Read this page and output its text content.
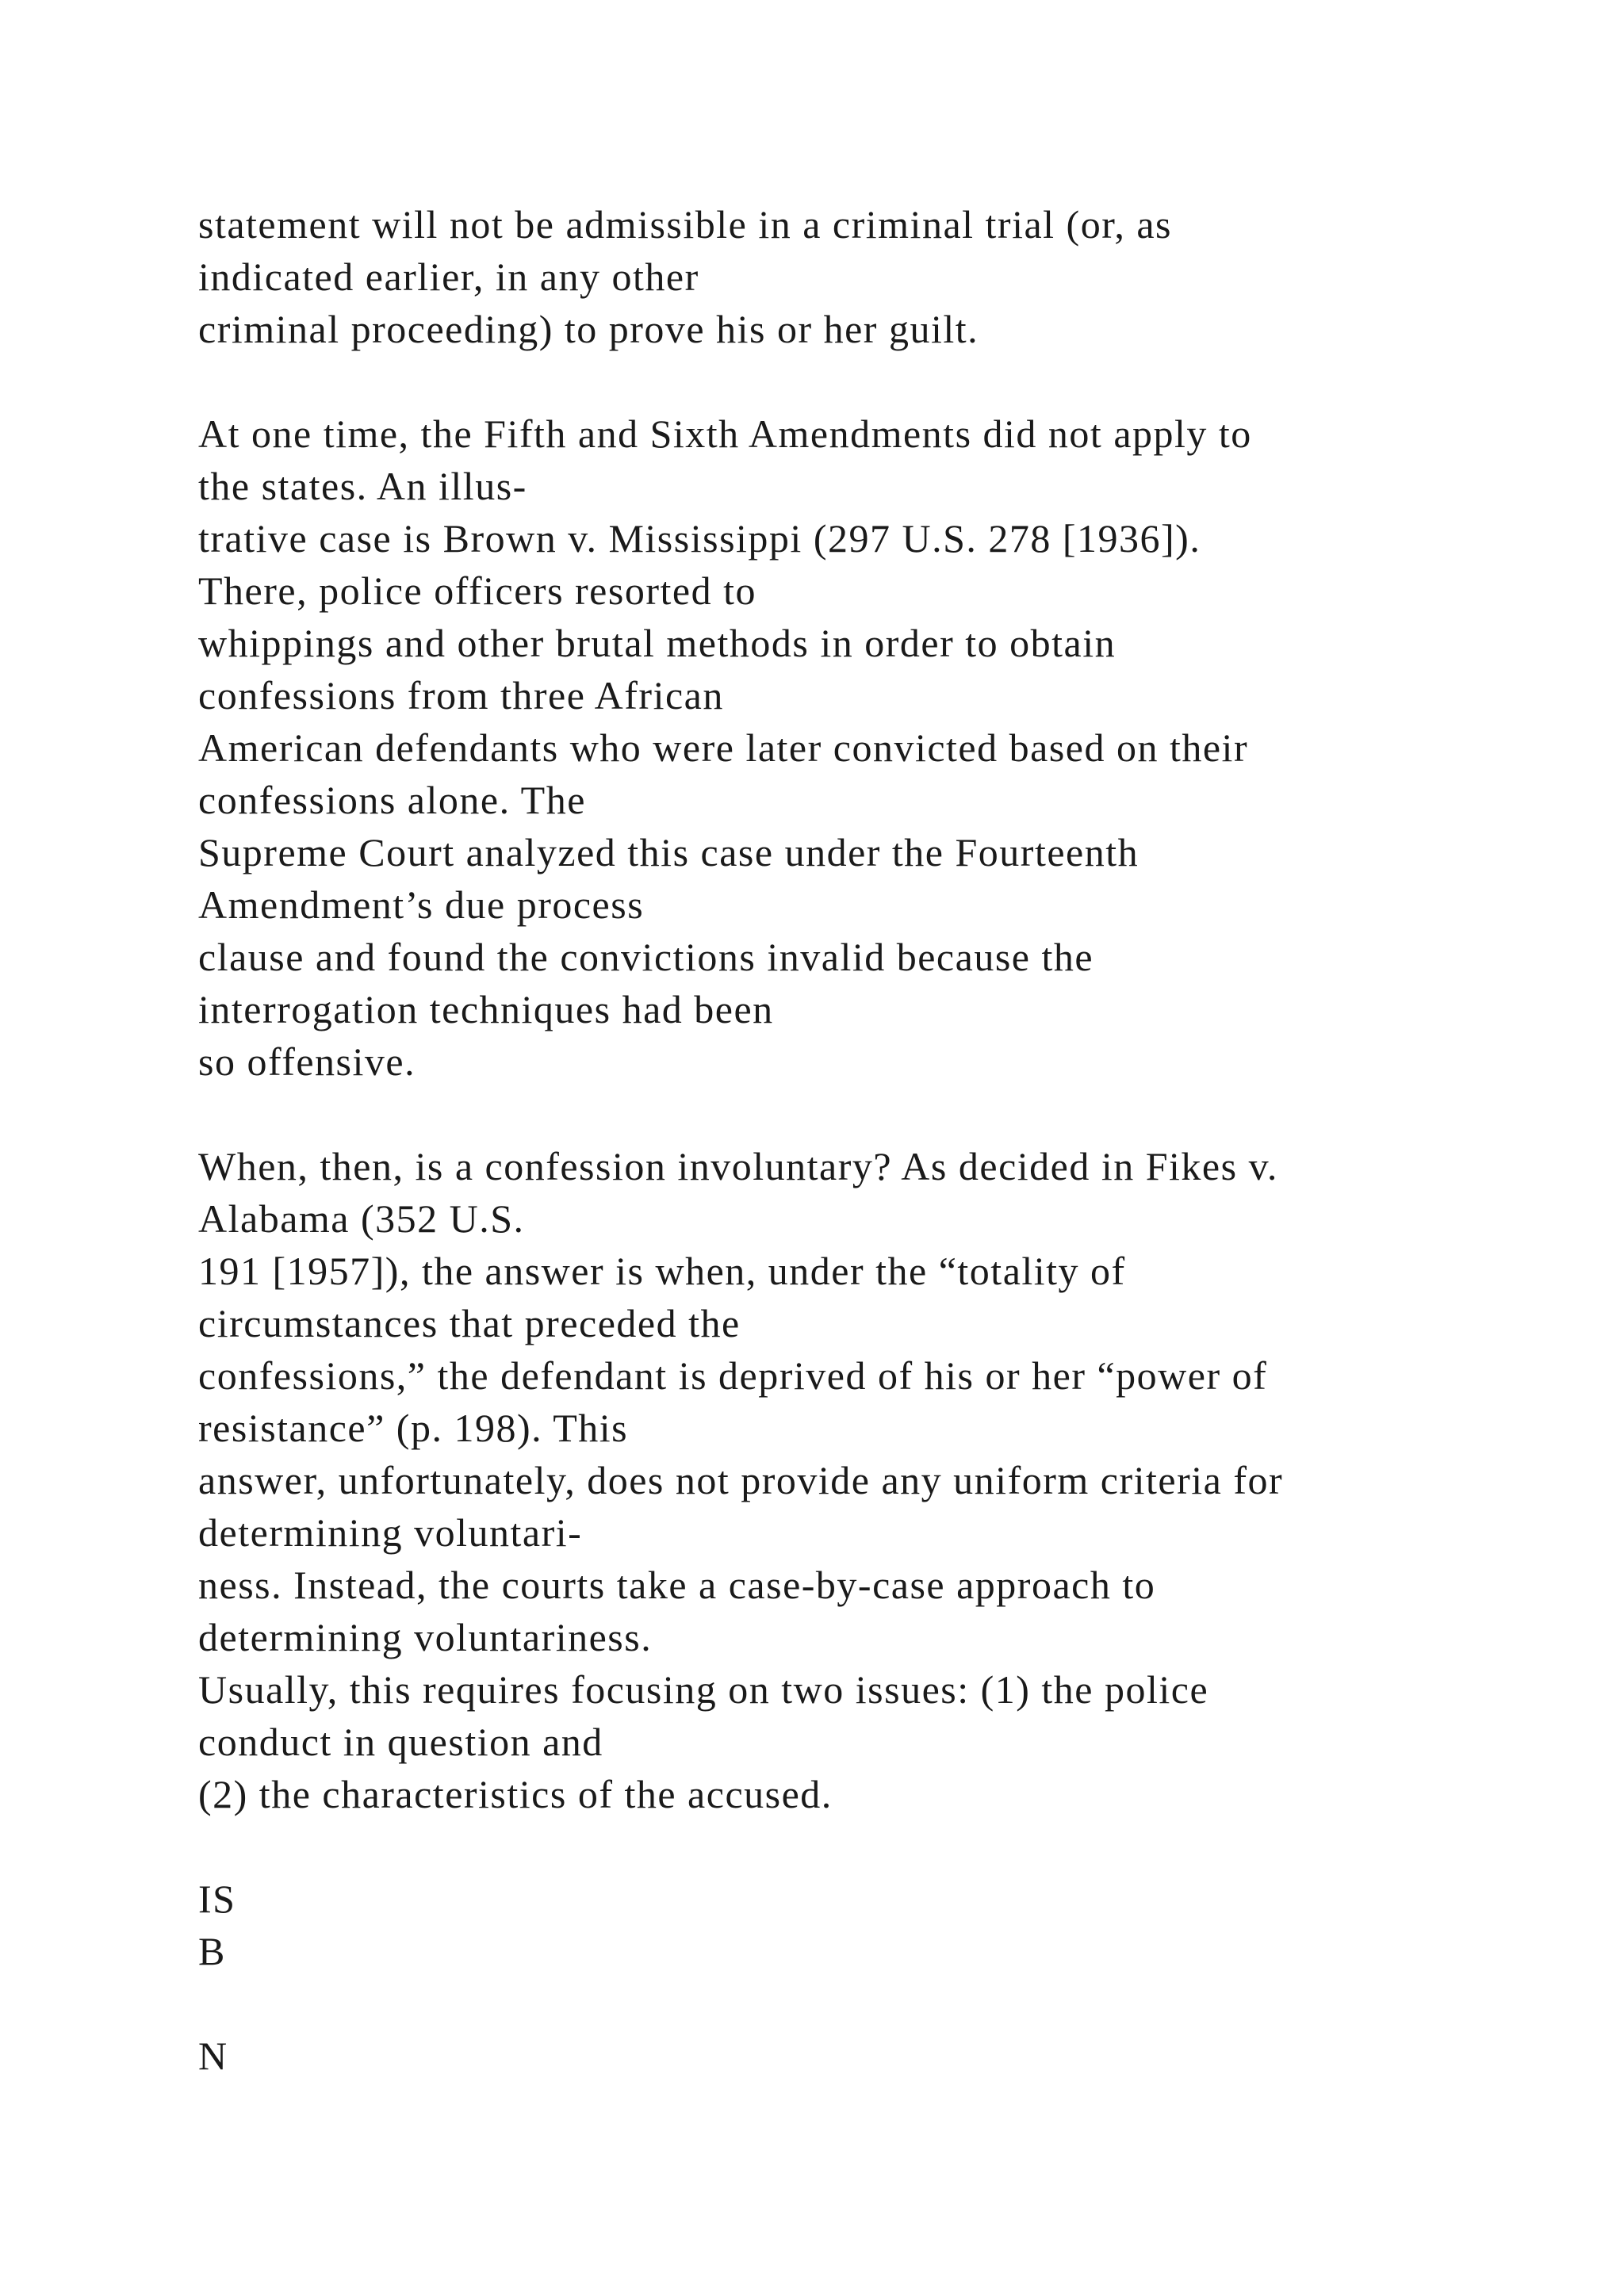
statement will not be admissible in a criminal trial (or, as
indicated earlier, in any other
criminal proceeding) to prove his or her guilt.
At one time, the Fifth and Sixth Amendments did not apply to
the states. An illus-
trative case is Brown v. Mississippi (297 U.S. 278 [1936]).
There, police officers resorted to
whippings and other brutal methods in order to obtain
confessions from three African
American defendants who were later convicted based on their
confessions alone. The
Supreme Court analyzed this case under the Fourteenth
Amendment’s due process
clause and found the convictions invalid because the
interrogation techniques had been
so offensive.
When, then, is a confession involuntary? As decided in Fikes v.
Alabama (352 U.S.
191 [1957]), the answer is when, under the “totality of
circumstances that preceded the
confessions,” the defendant is deprived of his or her “power of
resistance” (p. 198). This
answer, unfortunately, does not provide any uniform criteria for
determining voluntari-
ness. Instead, the courts take a case-by-case approach to
determining voluntariness.
Usually, this requires focusing on two issues: (1) the police
conduct in question and
(2) the characteristics of the accused.
IS
B
N
